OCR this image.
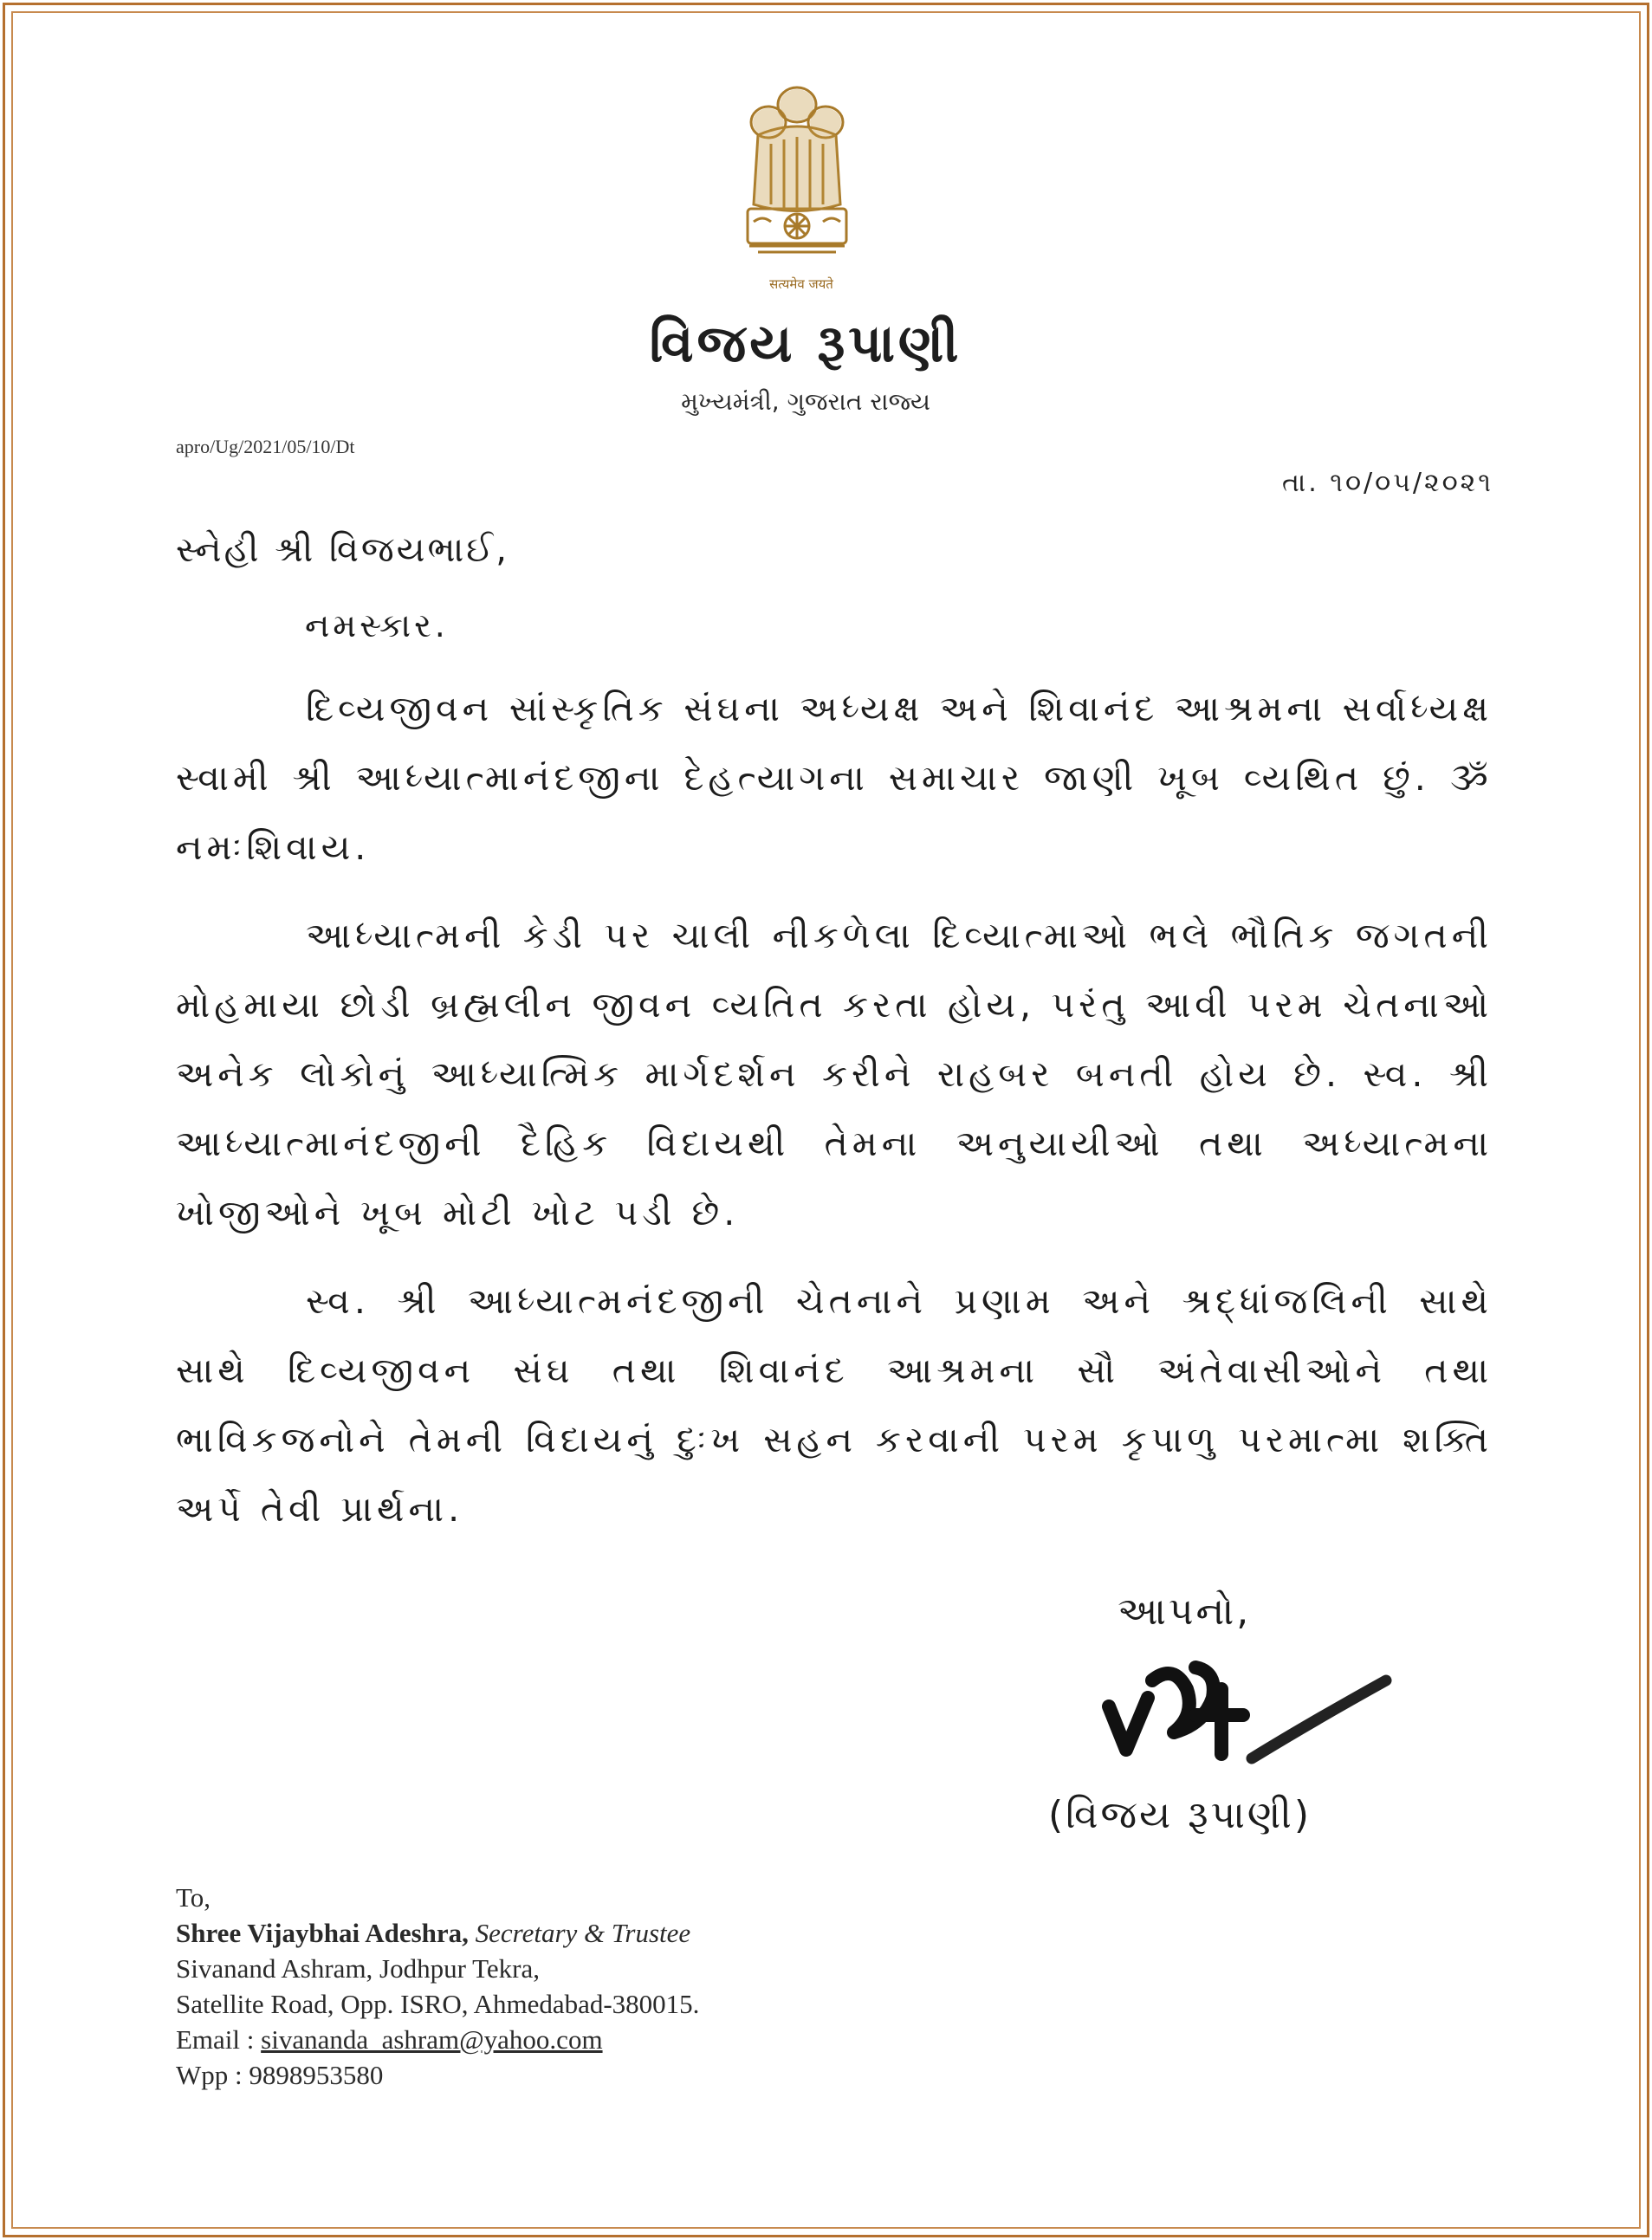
सत्यमेव जयते
વિજય રૂપાણી
મુખ્યમંત્રી, ગુજરાત રાજ્ય
apro/Ug/2021/05/10/Dt
તા. ૧૦/૦૫/૨૦૨૧
સ્નેહી શ્રી વિજયભાઈ,
નમસ્કાર.

દિવ્યજીવન સાંસ્કૃતિક સંઘના અધ્યક્ષ અને શિવાનંદ આશ્રમના સર્વાધ્યક્ષ સ્વામી શ્રી આધ્યાત્માનંદજીના દેહત્યાગના સમાચાર જાણી ખૂબ વ્યથિત છું. ૐ નમઃશિવાય.

આધ્યાત્મની કેડી પર ચાલી નીકળેલા દિવ્યાત્માઓ ભલે ભૌતિક જગતની મોહમાયા છોડી બ્રહ્મલીન જીવન વ્યતિત કરતા હોય, પરંતુ આવી પરમ ચેતનાઓ અનેક લોકોનું આધ્યાત્મિક માર્ગદર્શન કરીને રાહબર બનતી હોય છે. સ્વ. શ્રી આધ્યાત્માનંદજીની દૈહિક વિદાયથી તેમના અનુયાયીઓ તથા અધ્યાત્મના ખોજીઓને ખૂબ મોટી ખોટ પડી છે.

સ્વ. શ્રી આધ્યાત્મનંદજીની ચેતનાને પ્રણામ અને શ્રદ્ધાંજલિની સાથે સાથે દિવ્યજીવન સંઘ તથા શિવાનંદ આશ્રમના સૌ અંતેવાસીઓને તથા ભાવિકજનોને તેમની વિદાયનું દુઃખ સહન કરવાની પરમ કૃપાળુ પરમાત્મા શક્તિ અર્પે તેવી પ્રાર્થના.

આપનો,
(વિજય રૂપાણી)
To,
Shree Vijaybhai Adeshra, Secretary & Trustee
Sivanand Ashram, Jodhpur Tekra,
Satellite Road, Opp. ISRO, Ahmedabad-380015.
Email : sivananda_ashram@yahoo.com
Wpp : 9898953580
